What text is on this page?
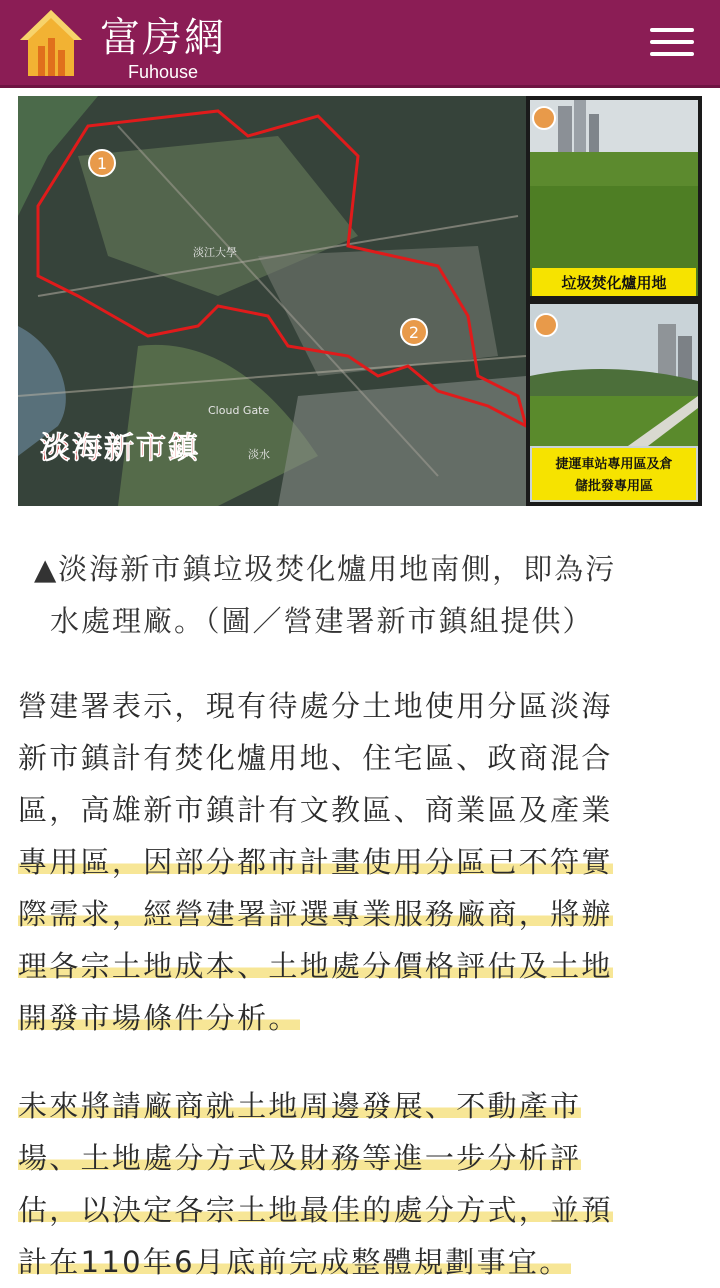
富房網
Fuhouse
1
2
淡江大學
Cloud Gate
淡水
淡海新市鎮
垃圾焚化爐用地
捷運車站專用區及倉
儲批發專用區

▲淡海新市鎮垃圾焚化爐用地南側，即為污

水處理廠。（圖／營建署新市鎮組提供）

營建署表示，現有待處分土地使用分區淡海
新市鎮計有焚化爐用地、住宅區、政商混合
區，高雄新市鎮計有文教區、商業區及產業
專用區，因部分都市計畫使用分區已不符實
際需求，經營建署評選專業服務廠商，將辦
理各宗土地成本、土地處分價格評估及土地
開發市場條件分析。
未來將請廠商就土地周邊發展、不動產市
場、土地處分方式及財務等進一步分析評
估，以決定各宗土地最佳的處分方式，並預
計在110年6月底前完成整體規劃事宜。
